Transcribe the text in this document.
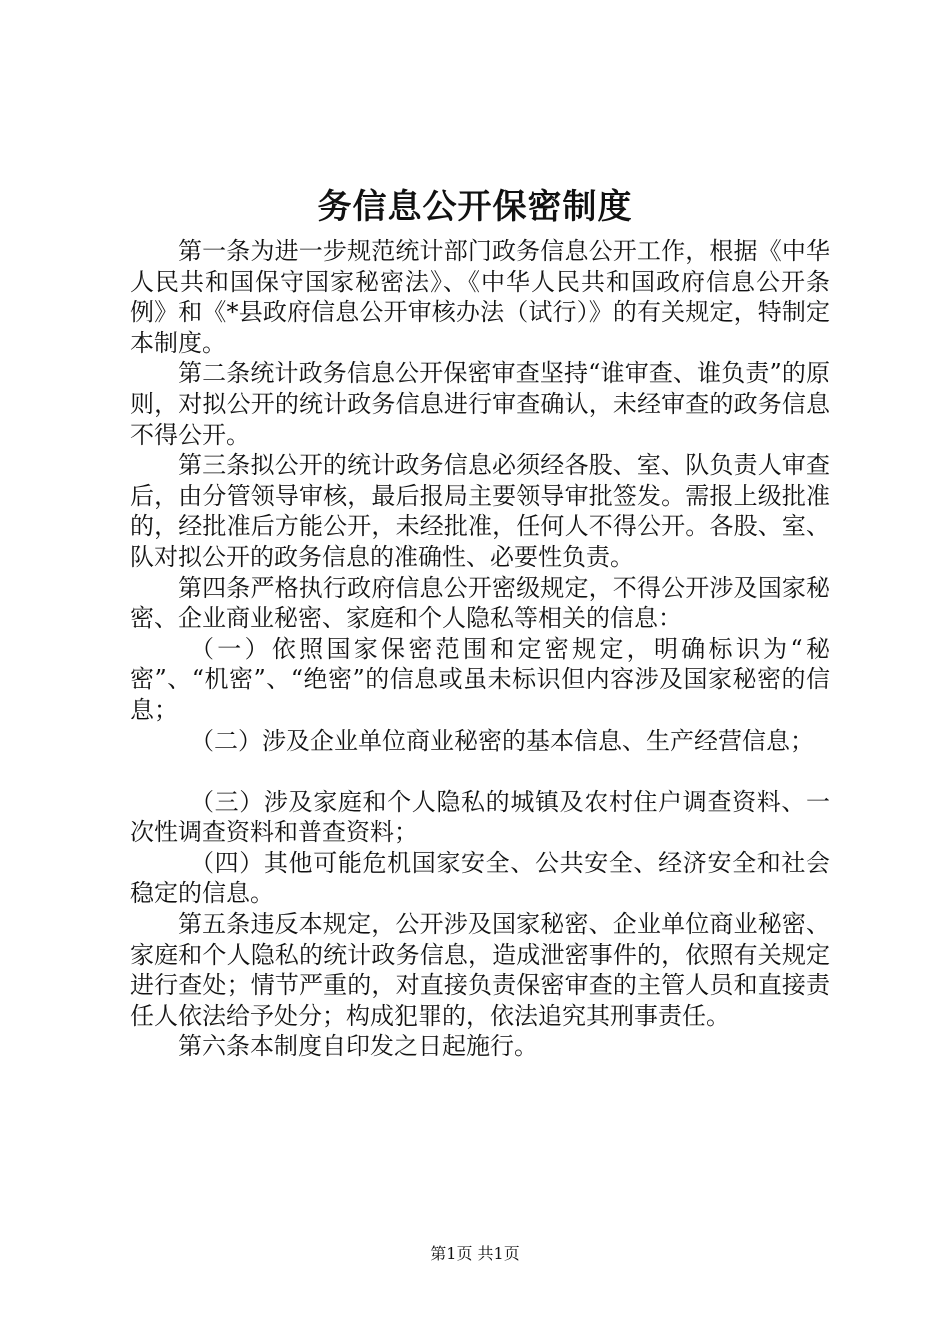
务信息公开保密制度

第一条为进一步规范统计部门政务信息公开工作，根据《中华人民共和国保守国家秘密法》、《中华人民共和国政府信息公开条例》和《*县政府信息公开审核办法（试行）》的有关规定，特制定本制度。

第二条统计政务信息公开保密审查坚持“谁审查、谁负责”的原则，对拟公开的统计政务信息进行审查确认，未经审查的政务信息不得公开。

第三条拟公开的统计政务信息必须经各股、室、队负责人审查后，由分管领导审核，最后报局主要领导审批签发。需报上级批准的，经批准后方能公开，未经批准，任何人不得公开。各股、室、队对拟公开的政务信息的准确性、必要性负责。

第四条严格执行政府信息公开密级规定，不得公开涉及国家秘密、企业商业秘密、家庭和个人隐私等相关的信息：

（一）依照国家保密范围和定密规定，明确标识为“秘密”、“机密”、“绝密”的信息或虽未标识但内容涉及国家秘密的信息；

（二）涉及企业单位商业秘密的基本信息、生产经营信息；

（三）涉及家庭和个人隐私的城镇及农村住户调查资料、一次性调查资料和普查资料；

（四）其他可能危机国家安全、公共安全、经济安全和社会稳定的信息。

第五条违反本规定，公开涉及国家秘密、企业单位商业秘密、家庭和个人隐私的统计政务信息，造成泄密事件的，依照有关规定进行查处；情节严重的，对直接负责保密审查的主管人员和直接责任人依法给予处分；构成犯罪的，依法追究其刑事责任。

第六条本制度自印发之日起施行。

第1页 共1页
